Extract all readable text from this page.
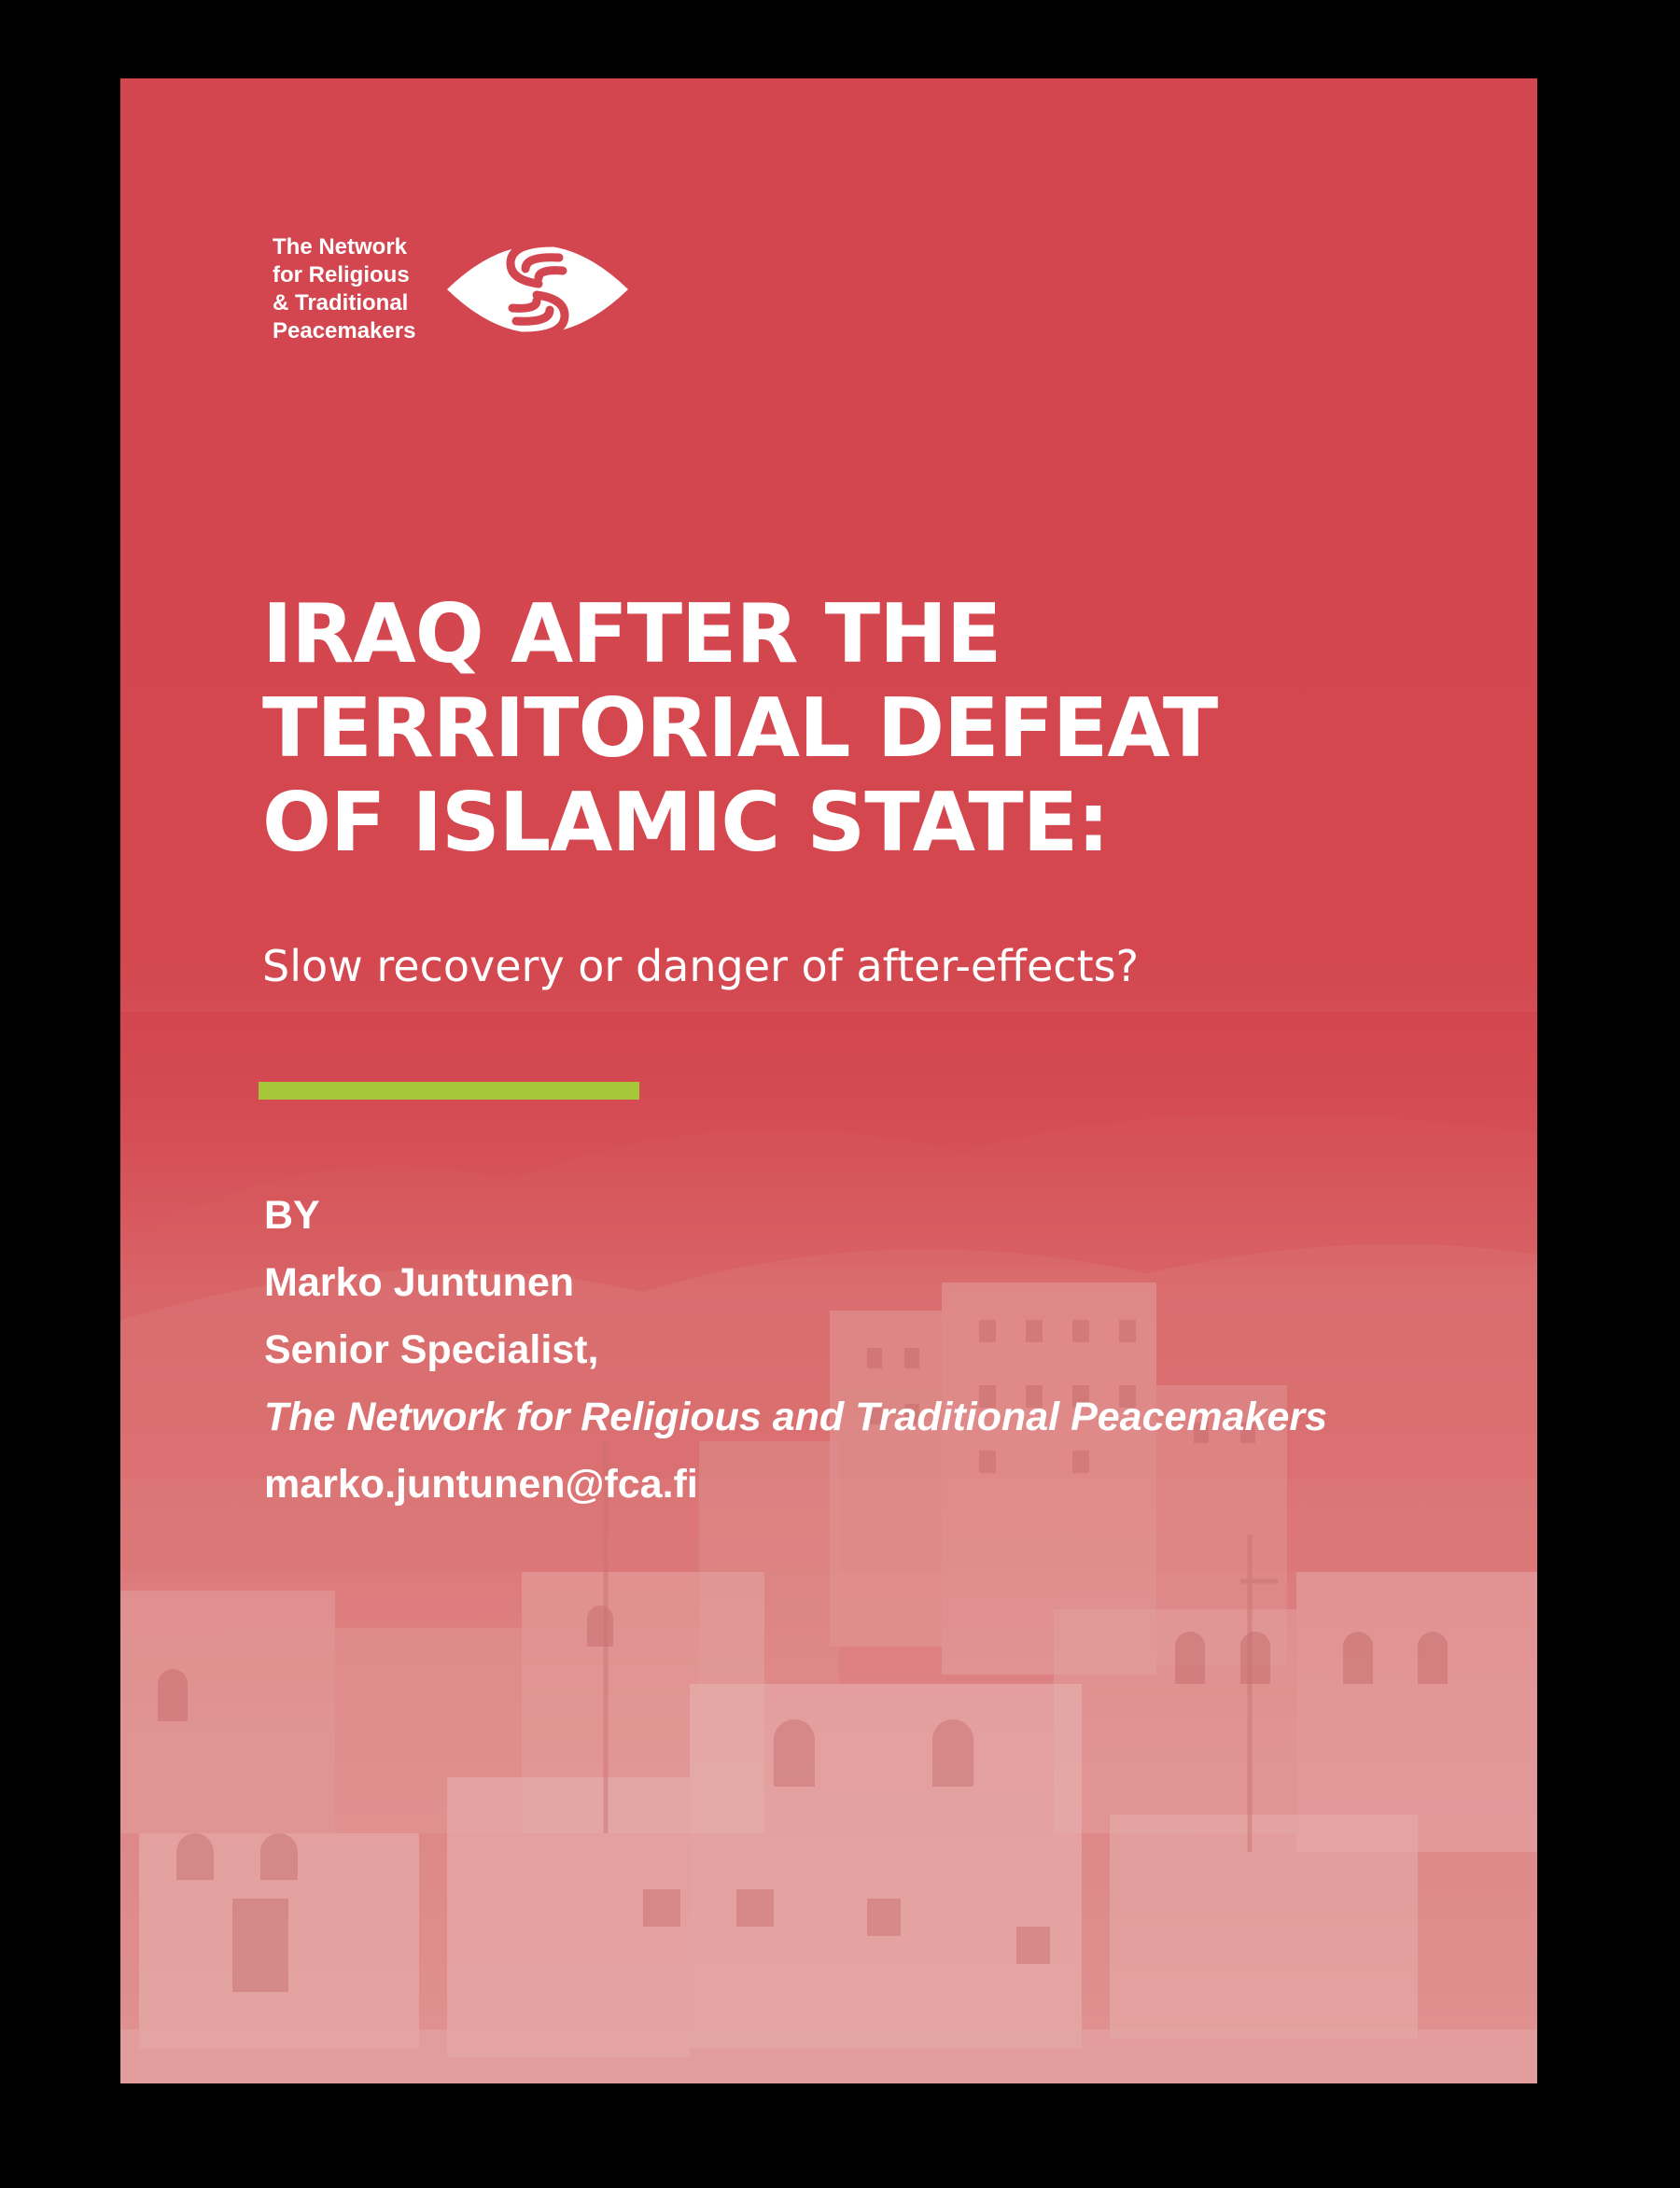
The Network
for Religious
& Traditional
Peacemakers
IRAQ AFTER THE
TERRITORIAL DEFEAT
OF ISLAMIC STATE:

Slow recovery or danger of after-effects?

BY
Marko Juntunen
Senior Specialist,
The Network for Religious and Traditional Peacemakers
marko.juntunen@fca.fi
